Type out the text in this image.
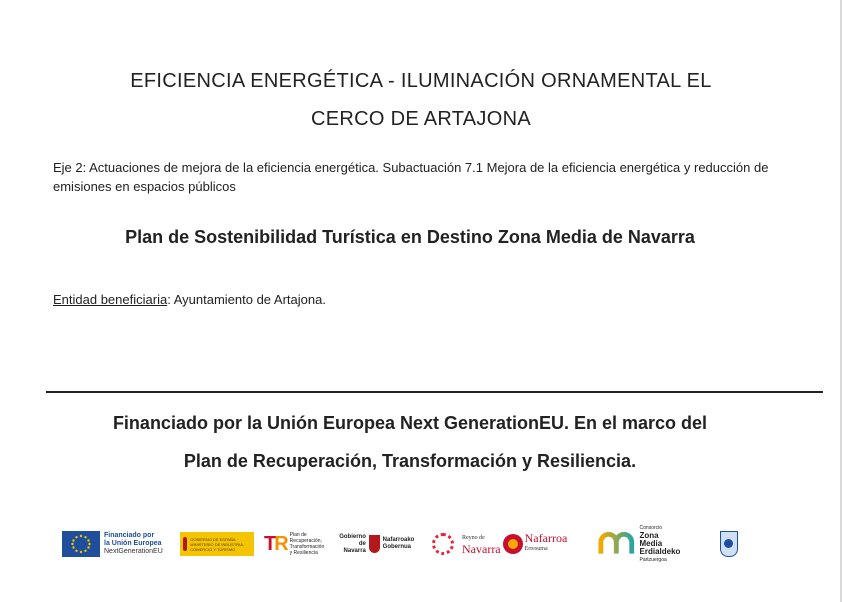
EFICIENCIA ENERGÉTICA - ILUMINACIÓN ORNAMENTAL EL
CERCO DE ARTAJONA
Eje 2: Actuaciones de mejora de la eficiencia energética. Subactuación 7.1 Mejora de la eficiencia energética y reducción de emisiones en espacios públicos
Plan de Sostenibilidad Turística en Destino Zona Media de Navarra
Entidad beneficiaria: Ayuntamiento de Artajona.
Financiado por la Unión Europea Next GenerationEU. En el marco del
Plan de Recuperación, Transformación y Resiliencia.
Financiado por
la Unión Europea
NextGenerationEU
GOBIERNO DE ESPAÑA · MINISTERIO DE INDUSTRIA, COMERCIO Y TURISMO	TR Plan de
Recuperación,
Transformación
y Resiliencia
Gobierno
de Navarra
Nafarroako
Gobernua
Reyno de
Navarra
Nafarroa
Erresuma
Consorcio
Zona Media
Erdialdeko
Partzuergoa
